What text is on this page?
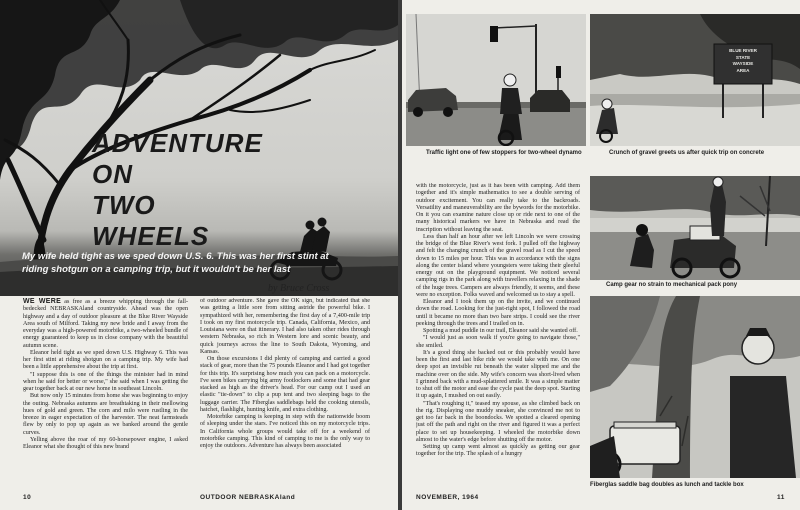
ADVENTURE
ON
TWO
WHEELS

My wife held tight as we sped down U.S. 6. This was her first stint at riding shotgun on a camping trip, but it wouldn't be her last

by Bruce Cross

WE WERE as free as a breeze whipping through the fall-bedecked NEBRASKAland countryside. Ahead was the open highway and a day of outdoor pleasure at the Blue River Wayside Area south of Milford. Taking my new bride and I away from the everyday was a high-powered motorbike, a two-wheeled bundle of energy guaranteed to keep us in close company with the beautiful autumn scene.

Eleanor held tight as we sped down U.S. Highway 6. This was her first stint at riding shotgun on a camping trip. My wife had been a little apprehensive about the trip at first.

"I suppose this is one of the things the minister had in mind when he said for better or worse," she said when I was getting the gear together back at our new home in southeast Lincoln.

But now only 15 minutes from home she was beginning to enjoy the outing. Nebraska autumns are breathtaking in their mellowing hues of gold and green. The corn and milo were rustling in the breeze in eager expectation of the harvester. The neat farmsteads flew by only to pop up again as we banked around the gentle curves.

Yelling above the roar of my 60-horsepower engine, I asked Eleanor what she thought of this new brand

of outdoor adventure. She gave the OK sign, but indicated that she was getting a little sore from sitting astride the powerful bike. I sympathized with her, remembering the first day of a 7,400-mile trip I took on my first motorcycle trip. Canada, California, Mexico, and Louisiana were on that itinerary. I had also taken other rides through western Nebraska, so rich in Western lore and scenic beauty, and quick journeys across the line to South Dakota, Wyoming, and Kansas.

On those excursions I did plenty of camping and carried a good stack of gear, more than the 75 pounds Eleanor and I had got together for this trip. It's surprising how much you can pack on a motorcycle. I've seen bikes carrying big army footlockers and some that had gear stacked as high as the driver's head. For our camp out I used an elastic "tie-down" to clip a pup tent and two sleeping bags to the luggage carrier. The Fiberglas saddlebags held the cooking utensils, hatchet, flashlight, hunting knife, and extra clothing.

Motorbike camping is keeping in step with the nationwide boom of sleeping under the stars. I've noticed this on my motorcycle trips. In California whole groups would take off for a weekend of motorbike camping. This kind of camping to me is the only way to enjoy the outdoors. Adventure has always been associated

10	OUTDOOR NEBRASKAland

Traffic light one of few stoppers for two-wheel dynamo

BLUE RIVER
STATE
WAYSIDE
AREA

Crunch of gravel greets us after quick trip on concrete

Camp gear no strain to mechanical pack pony

Fiberglas saddle bag doubles as lunch and tackle box

with the motorcycle, just as it has been with camping. Add them together and it's simple mathematics to see a double serving of outdoor excitement. You can really take to the backroads. Versatility and maneuverability are the bywords for the motorbike. On it you can examine nature close up or ride next to one of the many historical markers we have in Nebraska and read the inscription without leaving the seat.

Less than half an hour after we left Lincoln we were crossing the bridge of the Blue River's west fork. I pulled off the highway and felt the changing crunch of the gravel road as I cut the speed down to 15 miles per hour. This was in accordance with the signs along the center island where youngsters were taking their gleeful energy out on the playground equipment. We noticed several camping rigs in the park along with travellers relaxing in the shade of the huge trees. Campers are always friendly, it seems, and these were no exception. Folks waved and welcomed us to stay a spell.

Eleanor and I took them up on the invite, and we continued down the road. Looking for the just-right spot, I followed the road until it became no more than two bare strips. I could see the river peeking through the trees and I trailed on in.

Spotting a mud puddle in our trail, Eleanor said she wanted off.

"I would just as soon walk if you're going to navigate those," she smiled.

It's a good thing she backed out or this probably would have been the first and last bike ride we would take with me. On one deep spot an invisible rut beneath the water slipped me and the machine over on the side. My wife's concern was short-lived when I grinned back with a mud-splattered smile. It was a simple matter to shut off the motor and ease the cycle past the deep spot. Starting it up again, I mushed on out easily.

"That's roughing it," teased my spouse, as she climbed back on the rig. Displaying one muddy sneaker, she convinced me not to get too far back in the boondocks. We spotted a cleared opening just off the path and right on the river and figured it was a perfect place to set up housekeeping. I wheeled the motorbike down almost to the water's edge before shutting off the motor.

Setting up camp went almost as quickly as getting our gear together for the trip. The splash of a hungry

NOVEMBER, 1964	11
